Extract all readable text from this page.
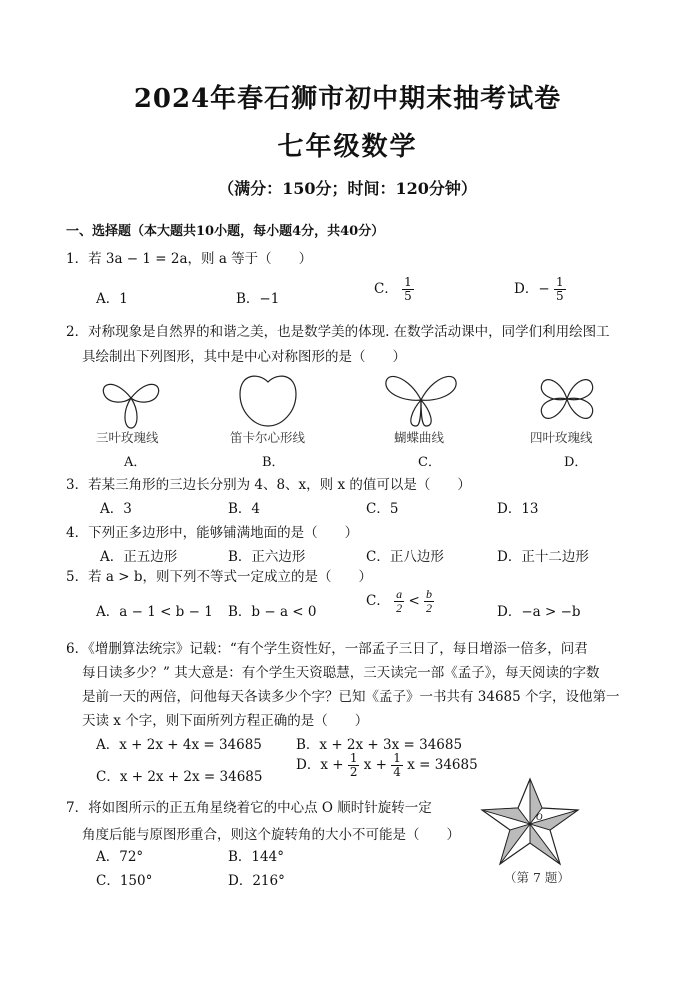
2024年春石狮市初中期末抽考试卷
七年级数学
（满分：150分；时间：120分钟）
一、选择题（本大题共10小题，每小题4分，共40分）
1．若 3a − 1 = 2a，则 a 等于（　　）
A．1	B．−1
C． $\frac{1}{5}$	D．− $\frac{1}{5}$
2．对称现象是自然界的和谐之美，也是数学美的体现. 在数学活动课中，同学们利用绘图工
具绘制出下列图形，其中是中心对称图形的是（　　）
三叶玫瑰线	笛卡尔心形线	蝴蝶曲线	四叶玫瑰线
A．	B．	C．	D．
3．若某三角形的三边长分别为 4、8、x，则 x 的值可以是（　　）
A．3	B．4	C．5	D．13
4．下列正多边形中，能够铺满地面的是（　　）
A．正五边形	B．正六边形	C．正八边形	D．正十二边形
5．若 a > b，则下列不等式一定成立的是（　　）
A．a − 1 < b − 1 B．b − a < 0
C． $\frac{a}{2} < \frac{b}{2}$	D．−a > −b
6．《增删算法统宗》记载：“有个学生资性好，一部孟子三日了，每日增添一倍多，问君
每日读多少？” 其大意是：有个学生天资聪慧，三天读完一部《孟子》，每天阅读的字数
是前一天的两倍，问他每天各读多少个字？已知《孟子》一书共有 34685 个字，设他第一
天读 x 个字，则下面所列方程正确的是（　　）
A．x + 2x + 4x = 34685	B．x + 2x + 3x = 34685
C．x + 2x + 2x = 34685
D．$x + \frac{1}{2}$ $x + \frac{1}{4}$ x = 34685
7．将如图所示的正五角星绕着它的中心点 O 顺时针旋转一定
角度后能与原图形重合，则这个旋转角的大小不可能是（　　）
A．72°	B．144°
C．150°	D．216°
O
（第 7 题）
